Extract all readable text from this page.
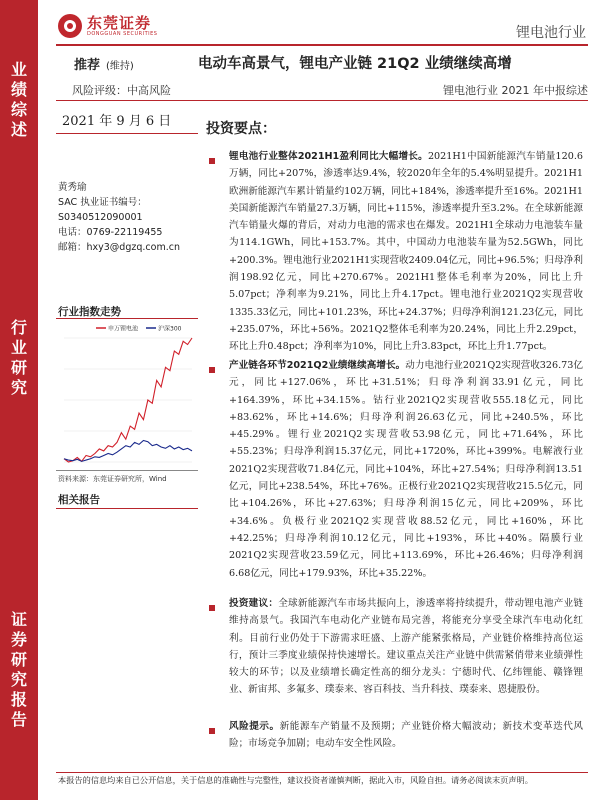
业绩综述
行业研究
证券研究报告
东莞证券
DONGGUAN SECURITIES	锂电池行业
推荐 (维持)	电动车高景气，锂电产业链 21Q2 业绩继续高增
风险评级：中高风险	锂电池行业 2021 年中报综述
2021 年 9 月 6 日
黄秀瑜
SAC 执业证书编号：
S0340512090001
电话：0769-22119455
邮箱：hxy3@dgzq.com.cn
行业指数走势
申万锂电池	沪深300
资料来源：东莞证券研究所，Wind
相关报告
投资要点：
锂电池行业整体2021H1盈利同比大幅增长。2021H1中国新能源汽车销量120.6万辆，同比+207%，渗透率达9.4%，较2020年全年的5.4%明显提升。2021H1欧洲新能源汽车累计销量约102万辆，同比+184%，渗透率提升至16%。2021H1美国新能源汽车销量27.3万辆，同比+115%，渗透率提升至3.2%。在全球新能源汽车销量火爆的背后，对动力电池的需求也在爆发。2021H1全球动力电池装车量为114.1GWh，同比+153.7%。其中，中国动力电池装车量为52.5GWh，同比+200.3%。锂电池行业2021H1实现营收2409.04亿元，同比+96.5%；归母净利润198.92亿元，同比+270.67%。2021H1整体毛利率为20%，同比上升5.07pct；净利率为9.21%，同比上升4.17pct。锂电池行业2021Q2实现营收1335.33亿元，同比+101.23%，环比+24.37%；归母净利润121.23亿元，同比+235.07%，环比+56%。2021Q2整体毛利率为20.24%，同比上升2.29pct，环比上升0.48pct；净利率为10%，同比上升3.83pct，环比上升1.77pct。
产业链各环节2021Q2业绩继续高增长。动力电池行业2021Q2实现营收326.73亿元，同比+127.06%，环比+31.51%；归母净利润33.91亿元，同比+164.39%，环比+34.15%。钴行业2021Q2实现营收555.18亿元，同比+83.62%，环比+14.6%；归母净利润26.63亿元，同比+240.5%，环比+45.29%。锂行业2021Q2实现营收53.98亿元，同比+71.64%，环比+55.23%；归母净利润15.37亿元，同比+1720%，环比+399%。电解液行业2021Q2实现营收71.84亿元，同比+104%，环比+27.54%；归母净利润13.51亿元，同比+238.54%，环比+76%。正极行业2021Q2实现营收215.5亿元，同比+104.26%，环比+27.63%；归母净利润15亿元，同比+209%，环比+34.6%。负极行业2021Q2实现营收88.52亿元，同比+160%，环比+42.25%；归母净利润10.12亿元，同比+193%，环比+40%。隔膜行业2021Q2实现营收23.59亿元，同比+113.69%，环比+26.46%；归母净利润6.68亿元，同比+179.93%，环比+35.22%。
投资建议：全球新能源汽车市场共振向上，渗透率将持续提升，带动锂电池产业链维持高景气。我国汽车电动化产业链布局完善，将能充分享受全球汽车电动化红利。目前行业仍处于下游需求旺盛、上游产能紧张格局，产业链价格维持高位运行，预计三季度业绩保持快速增长。建议重点关注产业链中供需紧俏带来业绩弹性较大的环节；以及业绩增长确定性高的细分龙头：宁德时代、亿纬锂能、赣锋锂业、新宙邦、多氟多、璞泰来、容百科技、当升科技、璞泰来、恩捷股份。
风险提示。新能源车产销量不及预期；产业链价格大幅波动；新技术变革迭代风险；市场竞争加剧；电动车安全性风险。
本报告的信息均来自已公开信息，关于信息的准确性与完整性，建议投资者谨慎判断，据此入市，风险自担。请务必阅读末页声明。
